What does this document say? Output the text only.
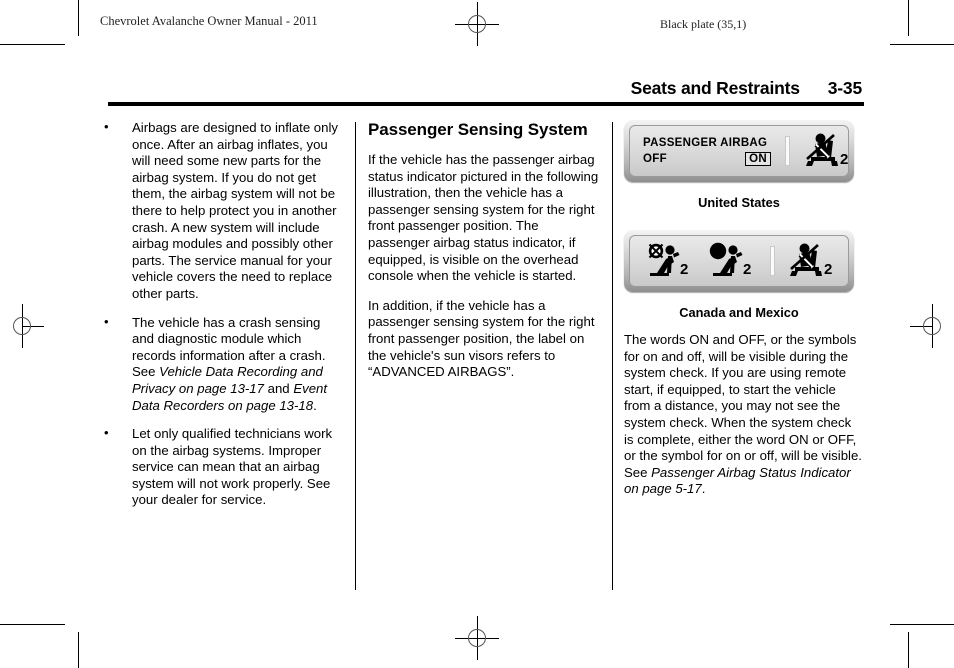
Chevrolet Avalanche Owner Manual - 2011	Black plate (35,1)
Seats and Restraints 3-35
• Airbags are designed to inflate only once. After an airbag inflates, you will need some new parts for the airbag system. If you do not get them, the airbag system will not be there to help protect you in another crash. A new system will include airbag modules and possibly other parts. The service manual for your vehicle covers the need to replace other parts.
• The vehicle has a crash sensing and diagnostic module which records information after a crash. See Vehicle Data Recording and Privacy on page 13-17 and Event Data Recorders on page 13-18.
• Let only qualified technicians work on the airbag systems. Improper service can mean that an airbag system will not work properly. See your dealer for service.
Passenger Sensing System

If the vehicle has the passenger airbag status indicator pictured in the following illustration, then the vehicle has a passenger sensing system for the right front passenger position. The passenger airbag status indicator, if equipped, is visible on the overhead console when the vehicle is started.

In addition, if the vehicle has a passenger sensing system for the right front passenger position, the label on the vehicle's sun visors refers to “ADVANCED AIRBAGS”.

PASSENGER AIRBAG
OFF	ON	2
United States
2	2	2
Canada and Mexico

The words ON and OFF, or the symbols for on and off, will be visible during the system check. If you are using remote start, if equipped, to start the vehicle from a distance, you may not see the system check. When the system check is complete, either the word ON or OFF, or the symbol for on or off, will be visible. See Passenger Airbag Status Indicator on page 5-17.
